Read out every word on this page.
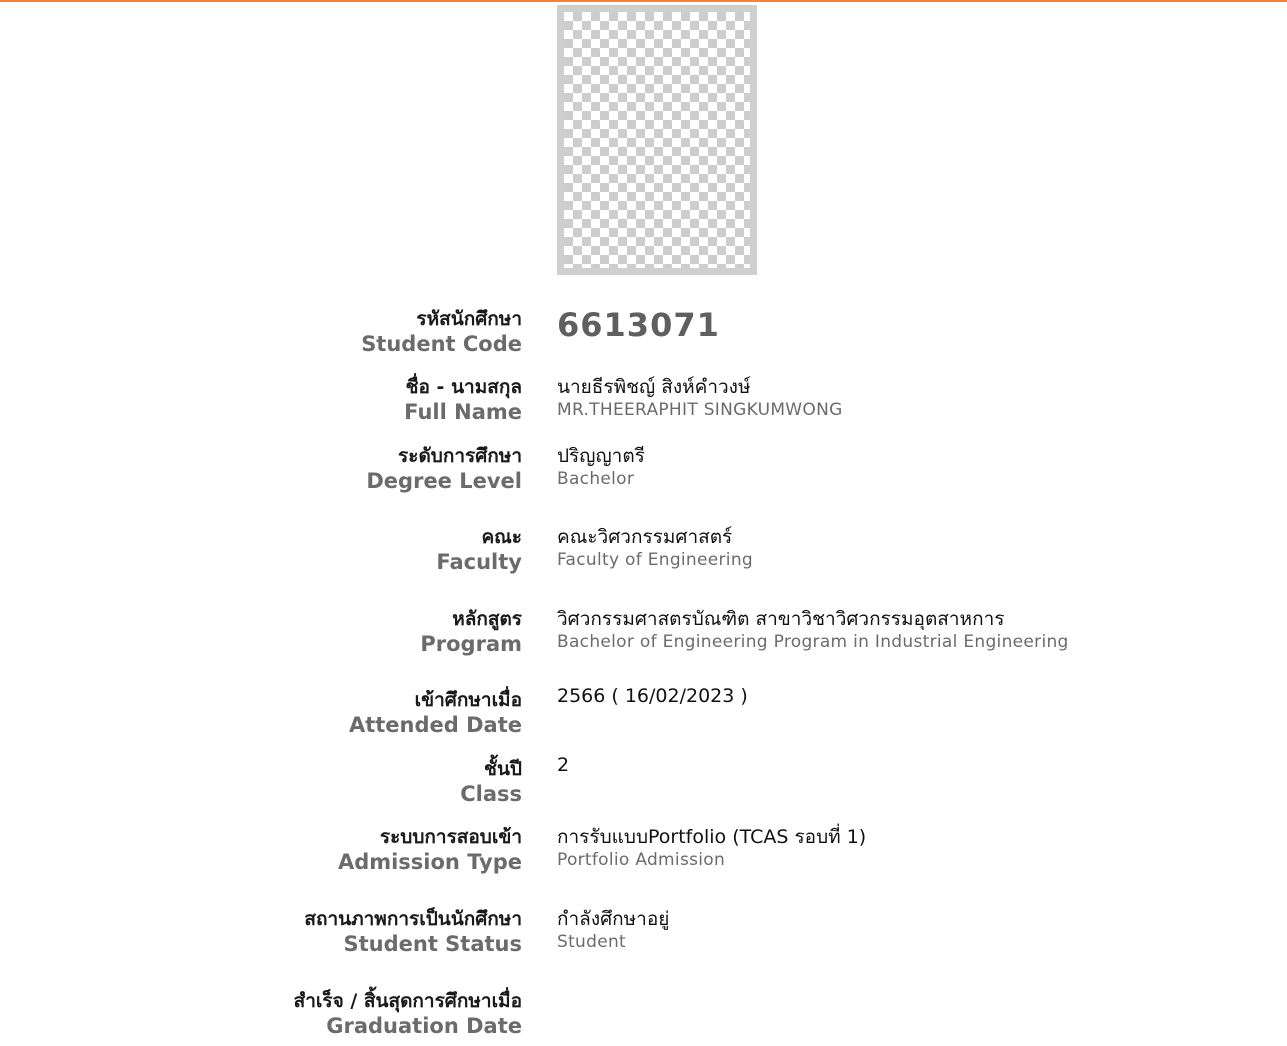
รหัสนักศึกษา
Student Code 6613071
ชื่อ - นามสกุล
Full Name
นายธีรพิชญ์ สิงห์คำวงษ์
MR.THEERAPHIT SINGKUMWONG
ระดับการศึกษา
Degree Level
ปริญญาตรี
Bachelor
คณะ
Faculty
คณะวิศวกรรมศาสตร์
Faculty of Engineering
หลักสูตร
Program
วิศวกรรมศาสตรบัณฑิต สาขาวิชาวิศวกรรมอุตสาหการ
Bachelor of Engineering Program in Industrial Engineering
เข้าศึกษาเมื่อ
Attended Date
2566 ( 16/02/2023 )
ชั้นปี
Class
2
ระบบการสอบเข้า
Admission Type
การรับแบบPortfolio (TCAS รอบที่ 1)
Portfolio Admission
สถานภาพการเป็นนักศึกษา
Student Status
กำลังศึกษาอยู่
Student
สำเร็จ / สิ้นสุดการศึกษาเมื่อ
Graduation Date
